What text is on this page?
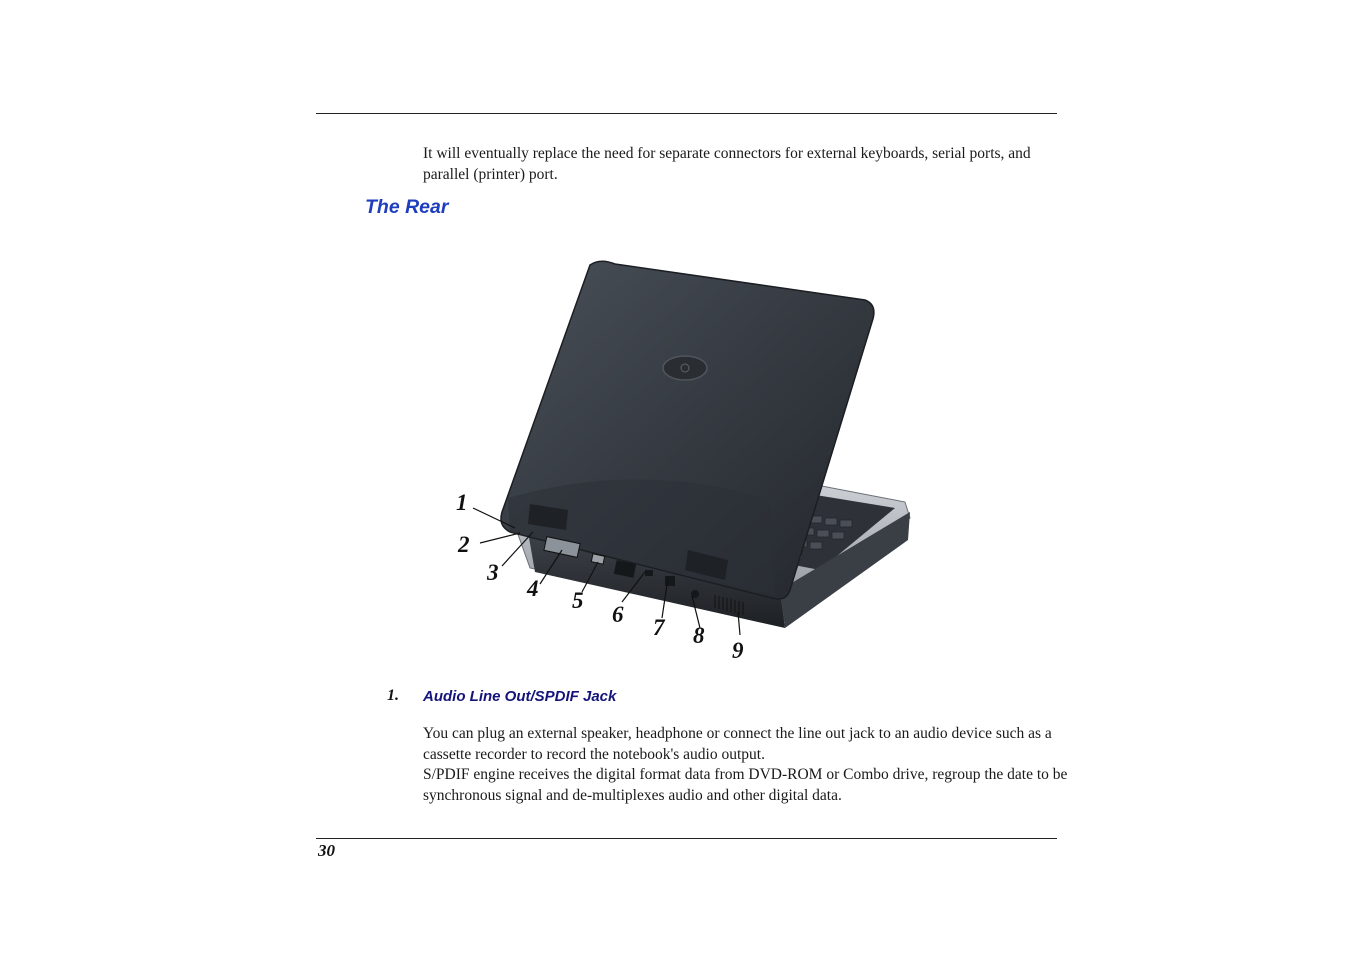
It will eventually replace the need for separate connectors for external keyboards, serial ports, and parallel (printer) port.

The Rear
1
2
3
4 5
6
7 8
9
1. Audio Line Out/SPDIF Jack
You can plug an external speaker, headphone or connect the line out jack to an audio device such as a cassette recorder to record the notebook's audio output.
S/PDIF engine receives the digital format data from DVD-ROM or Combo drive, regroup the date to be synchronous signal and de-multiplexes audio and other digital data.
30
